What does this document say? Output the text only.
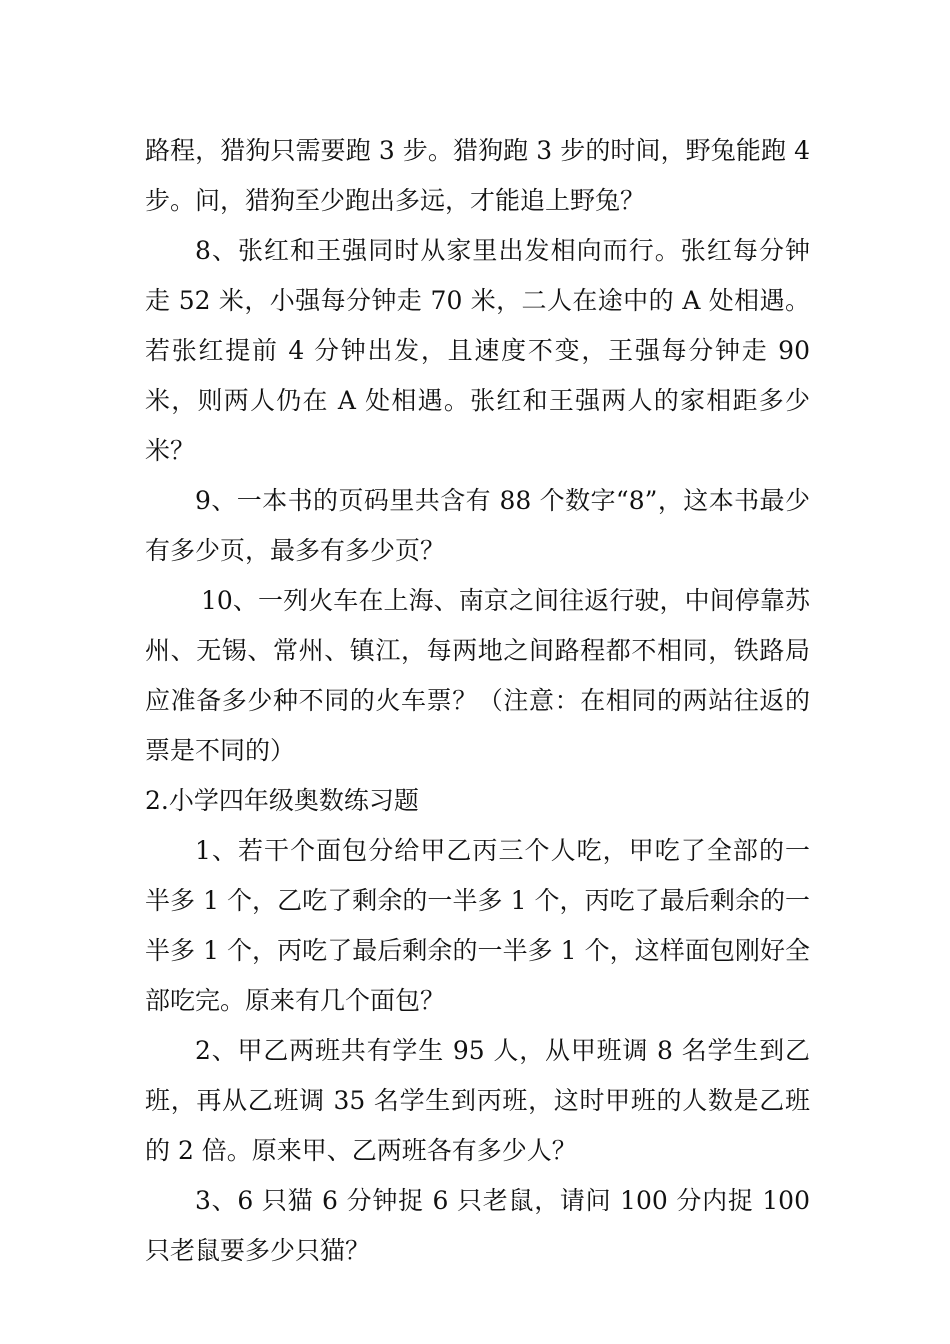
路程，猎狗只需要跑 3 步。猎狗跑 3 步的时间，野兔能跑 4 步。问，猎狗至少跑出多远，才能追上野兔？

8、张红和王强同时从家里出发相向而行。张红每分钟走 52 米，小强每分钟走 70 米，二人在途中的 A 处相遇。若张红提前 4 分钟出发，且速度不变，王强每分钟走 90 米，则两人仍在 A 处相遇。张红和王强两人的家相距多少米？

9、一本书的页码里共含有 88 个数字“8”，这本书最少有多少页，最多有多少页？

10、一列火车在上海、南京之间往返行驶，中间停靠苏州、无锡、常州、镇江，每两地之间路程都不相同，铁路局应准备多少种不同的火车票？（注意：在相同的两站往返的票是不同的）

2.小学四年级奥数练习题

1、若干个面包分给甲乙丙三个人吃，甲吃了全部的一半多 1 个，乙吃了剩余的一半多 1 个，丙吃了最后剩余的一半多 1 个，丙吃了最后剩余的一半多 1 个，这样面包刚好全部吃完。原来有几个面包？

2、甲乙两班共有学生 95 人，从甲班调 8 名学生到乙班，再从乙班调 35 名学生到丙班，这时甲班的人数是乙班的 2 倍。原来甲、乙两班各有多少人？

3、6 只猫 6 分钟捉 6 只老鼠，请问 100 分内捉 100 只老鼠要多少只猫？
